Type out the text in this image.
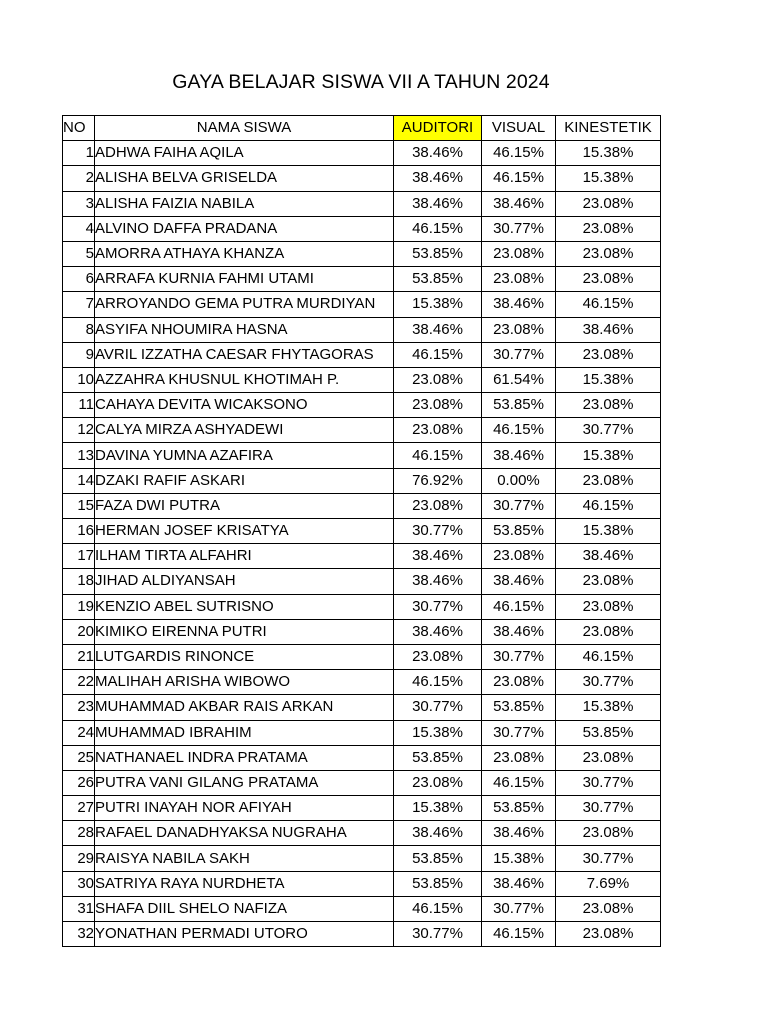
GAYA BELAJAR SISWA VII A TAHUN 2024
NO	NAMA SISWA	AUDITORI	VISUAL	KINESTETIK
1	ADHWA FAIHA AQILA	38.46%	46.15%	15.38%
2	ALISHA BELVA GRISELDA	38.46%	46.15%	15.38%
3	ALISHA FAIZIA NABILA	38.46%	38.46%	23.08%
4	ALVINO DAFFA PRADANA	46.15%	30.77%	23.08%
5	AMORRA ATHAYA KHANZA	53.85%	23.08%	23.08%
6	ARRAFA KURNIA FAHMI UTAMI	53.85%	23.08%	23.08%
7	ARROYANDO GEMA PUTRA MURDIYAN	15.38%	38.46%	46.15%
8	ASYIFA NHOUMIRA HASNA	38.46%	23.08%	38.46%
9	AVRIL IZZATHA CAESAR FHYTAGORAS	46.15%	30.77%	23.08%
10	AZZAHRA KHUSNUL KHOTIMAH P.	23.08%	61.54%	15.38%
11	CAHAYA DEVITA WICAKSONO	23.08%	53.85%	23.08%
12	CALYA MIRZA ASHYADEWI	23.08%	46.15%	30.77%
13	DAVINA YUMNA AZAFIRA	46.15%	38.46%	15.38%
14	DZAKI RAFIF ASKARI	76.92%	0.00%	23.08%
15	FAZA DWI PUTRA	23.08%	30.77%	46.15%
16	HERMAN JOSEF KRISATYA	30.77%	53.85%	15.38%
17	ILHAM TIRTA ALFAHRI	38.46%	23.08%	38.46%
18	JIHAD ALDIYANSAH	38.46%	38.46%	23.08%
19	KENZIO ABEL SUTRISNO	30.77%	46.15%	23.08%
20	KIMIKO EIRENNA PUTRI	38.46%	38.46%	23.08%
21	LUTGARDIS RINONCE	23.08%	30.77%	46.15%
22	MALIHAH ARISHA WIBOWO	46.15%	23.08%	30.77%
23	MUHAMMAD AKBAR RAIS ARKAN	30.77%	53.85%	15.38%
24	MUHAMMAD IBRAHIM	15.38%	30.77%	53.85%
25	NATHANAEL INDRA PRATAMA	53.85%	23.08%	23.08%
26	PUTRA VANI GILANG PRATAMA	23.08%	46.15%	30.77%
27	PUTRI INAYAH NOR AFIYAH	15.38%	53.85%	30.77%
28	RAFAEL DANADHYAKSA NUGRAHA	38.46%	38.46%	23.08%
29	RAISYA NABILA SAKH	53.85%	15.38%	30.77%
30	SATRIYA RAYA NURDHETA	53.85%	38.46%	7.69%
31	SHAFA DIIL SHELO NAFIZA	46.15%	30.77%	23.08%
32	YONATHAN PERMADI UTORO	30.77%	46.15%	23.08%
